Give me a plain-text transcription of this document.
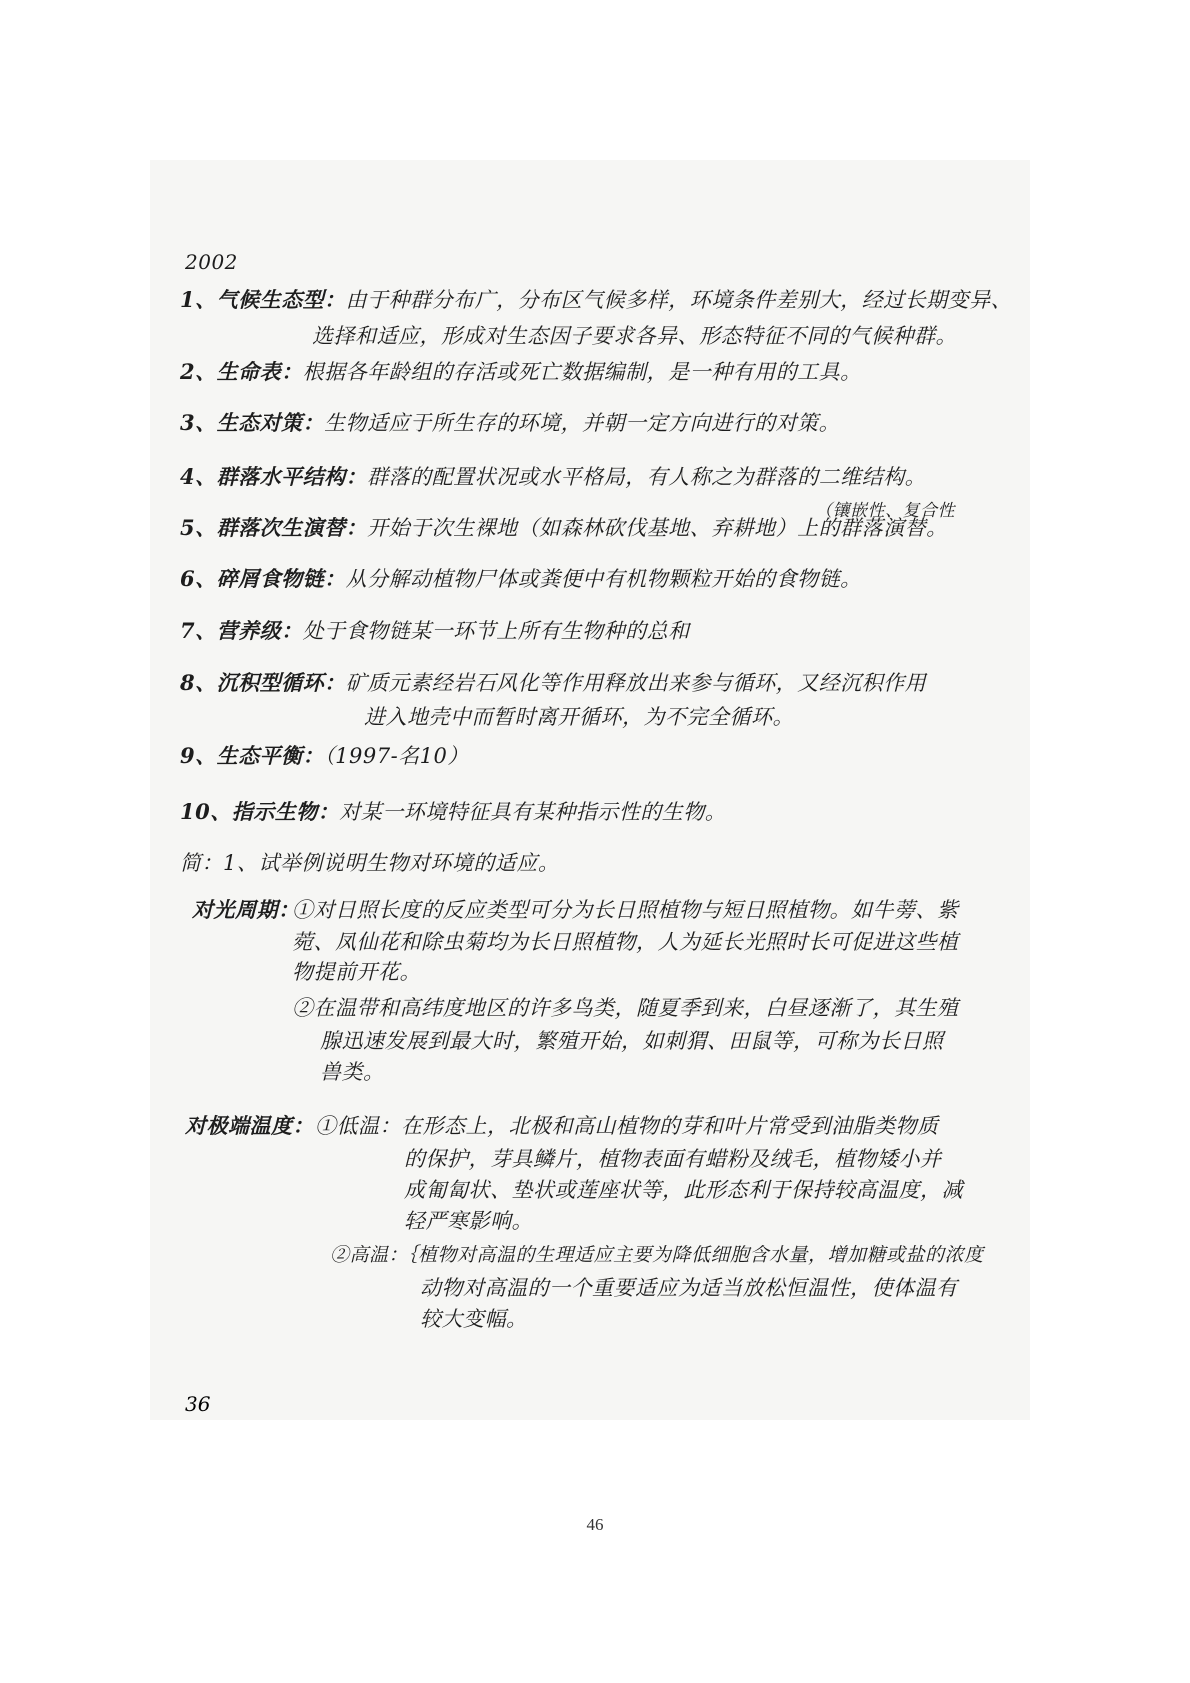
2002
1、气候生态型：由于种群分布广，分布区气候多样，环境条件差别大，经过长期变异、
选择和适应，形成对生态因子要求各异、形态特征不同的气候种群。
2、生命表：根据各年龄组的存活或死亡数据编制，是一种有用的工具。
3、生态对策：生物适应于所生存的环境，并朝一定方向进行的对策。
4、群落水平结构：群落的配置状况或水平格局，有人称之为群落的二维结构。
（镶嵌性、复合性
5、群落次生演替：开始于次生裸地（如森林砍伐基地、弃耕地）上的群落演替。
6、碎屑食物链：从分解动植物尸体或粪便中有机物颗粒开始的食物链。
7、营养级：处于食物链某一环节上所有生物种的总和
8、沉积型循环：矿质元素经岩石风化等作用释放出来参与循环，又经沉积作用
进入地壳中而暂时离开循环，为不完全循环。
9、生态平衡：（1997-名10）
10、指示生物：对某一环境特征具有某种指示性的生物。
简：1、试举例说明生物对环境的适应。
对光周期：
①对日照长度的反应类型可分为长日照植物与短日照植物。如牛蒡、紫
菀、凤仙花和除虫菊均为长日照植物，人为延长光照时长可促进这些植
物提前开花。
②在温带和高纬度地区的许多鸟类，随夏季到来，白昼逐渐了，其生殖
腺迅速发展到最大时，繁殖开始，如刺猬、田鼠等，可称为长日照
兽类。
对极端温度： ①低温：在形态上，北极和高山植物的芽和叶片常受到油脂类物质
的保护，芽具鳞片，植物表面有蜡粉及绒毛，植物矮小并
成匍匐状、垫状或莲座状等，此形态利于保持较高温度，减
轻严寒影响。
②高温：｛植物对高温的生理适应主要为降低细胞含水量，增加糖或盐的浓度
动物对高温的一个重要适应为适当放松恒温性，使体温有
较大变幅。
36
46
